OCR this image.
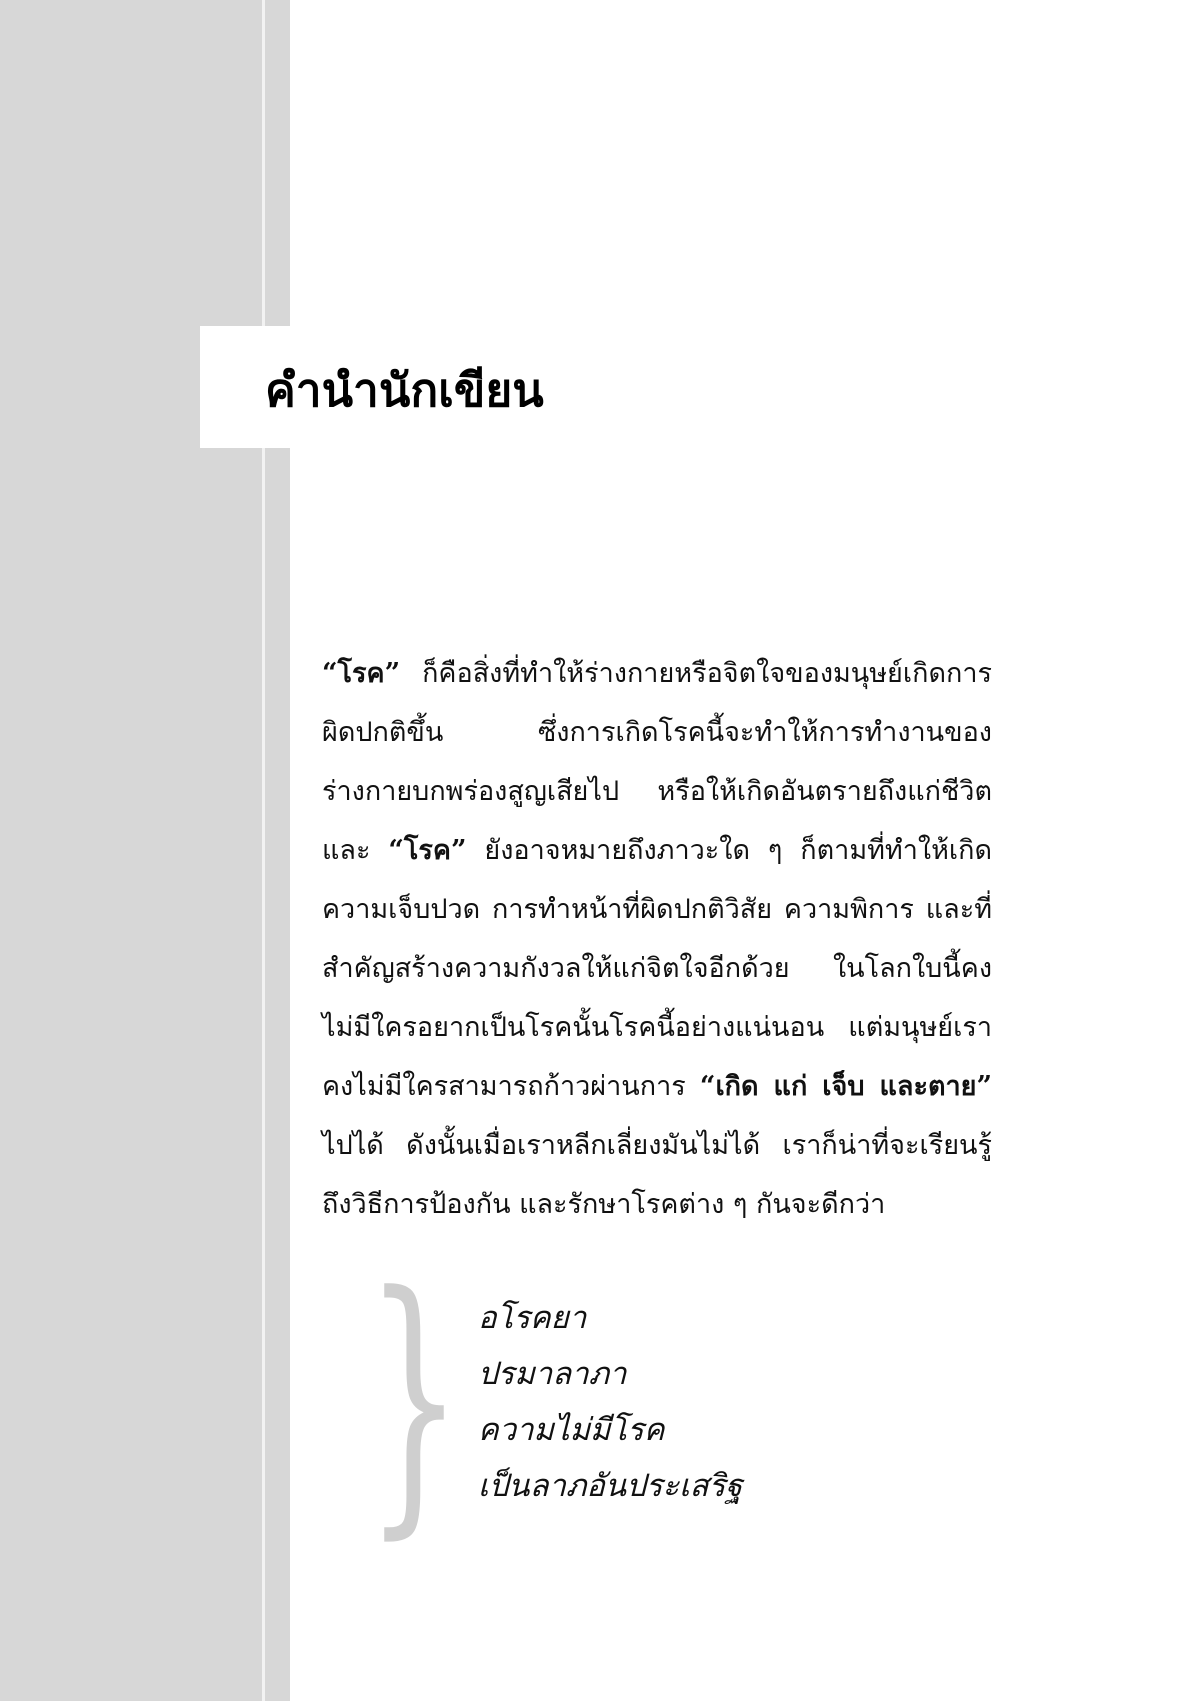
คำนำนักเขียน

“โรค” ก็คือสิ่งที่ทำให้ร่างกายหรือจิตใจของมนุษย์เกิดการผิดปกติขึ้น ซึ่งการเกิดโรคนี้จะทำให้การทำงานของร่างกายบกพร่องสูญเสียไป หรือให้เกิดอันตรายถึงแก่ชีวิต และ “โรค” ยังอาจหมายถึงภาวะใด ๆ ก็ตามที่ทำให้เกิดความเจ็บปวด การทำหน้าที่ผิดปกติวิสัย ความพิการ และที่สำคัญสร้างความกังวลให้แก่จิตใจอีกด้วย ในโลกใบนี้คงไม่มีใครอยากเป็นโรคนั้นโรคนี้อย่างแน่นอน แต่มนุษย์เราคงไม่มีใครสามารถก้าวผ่านการ “เกิด แก่ เจ็บ และตาย” ไปได้ ดังนั้นเมื่อเราหลีกเลี่ยงมันไม่ได้ เราก็น่าที่จะเรียนรู้ถึงวิธีการป้องกัน และรักษาโรคต่าง ๆ กันจะดีกว่า

} อโรคยา
ปรมาลาภา
ความไม่มีโรค
เป็นลาภอันประเสริฐ
